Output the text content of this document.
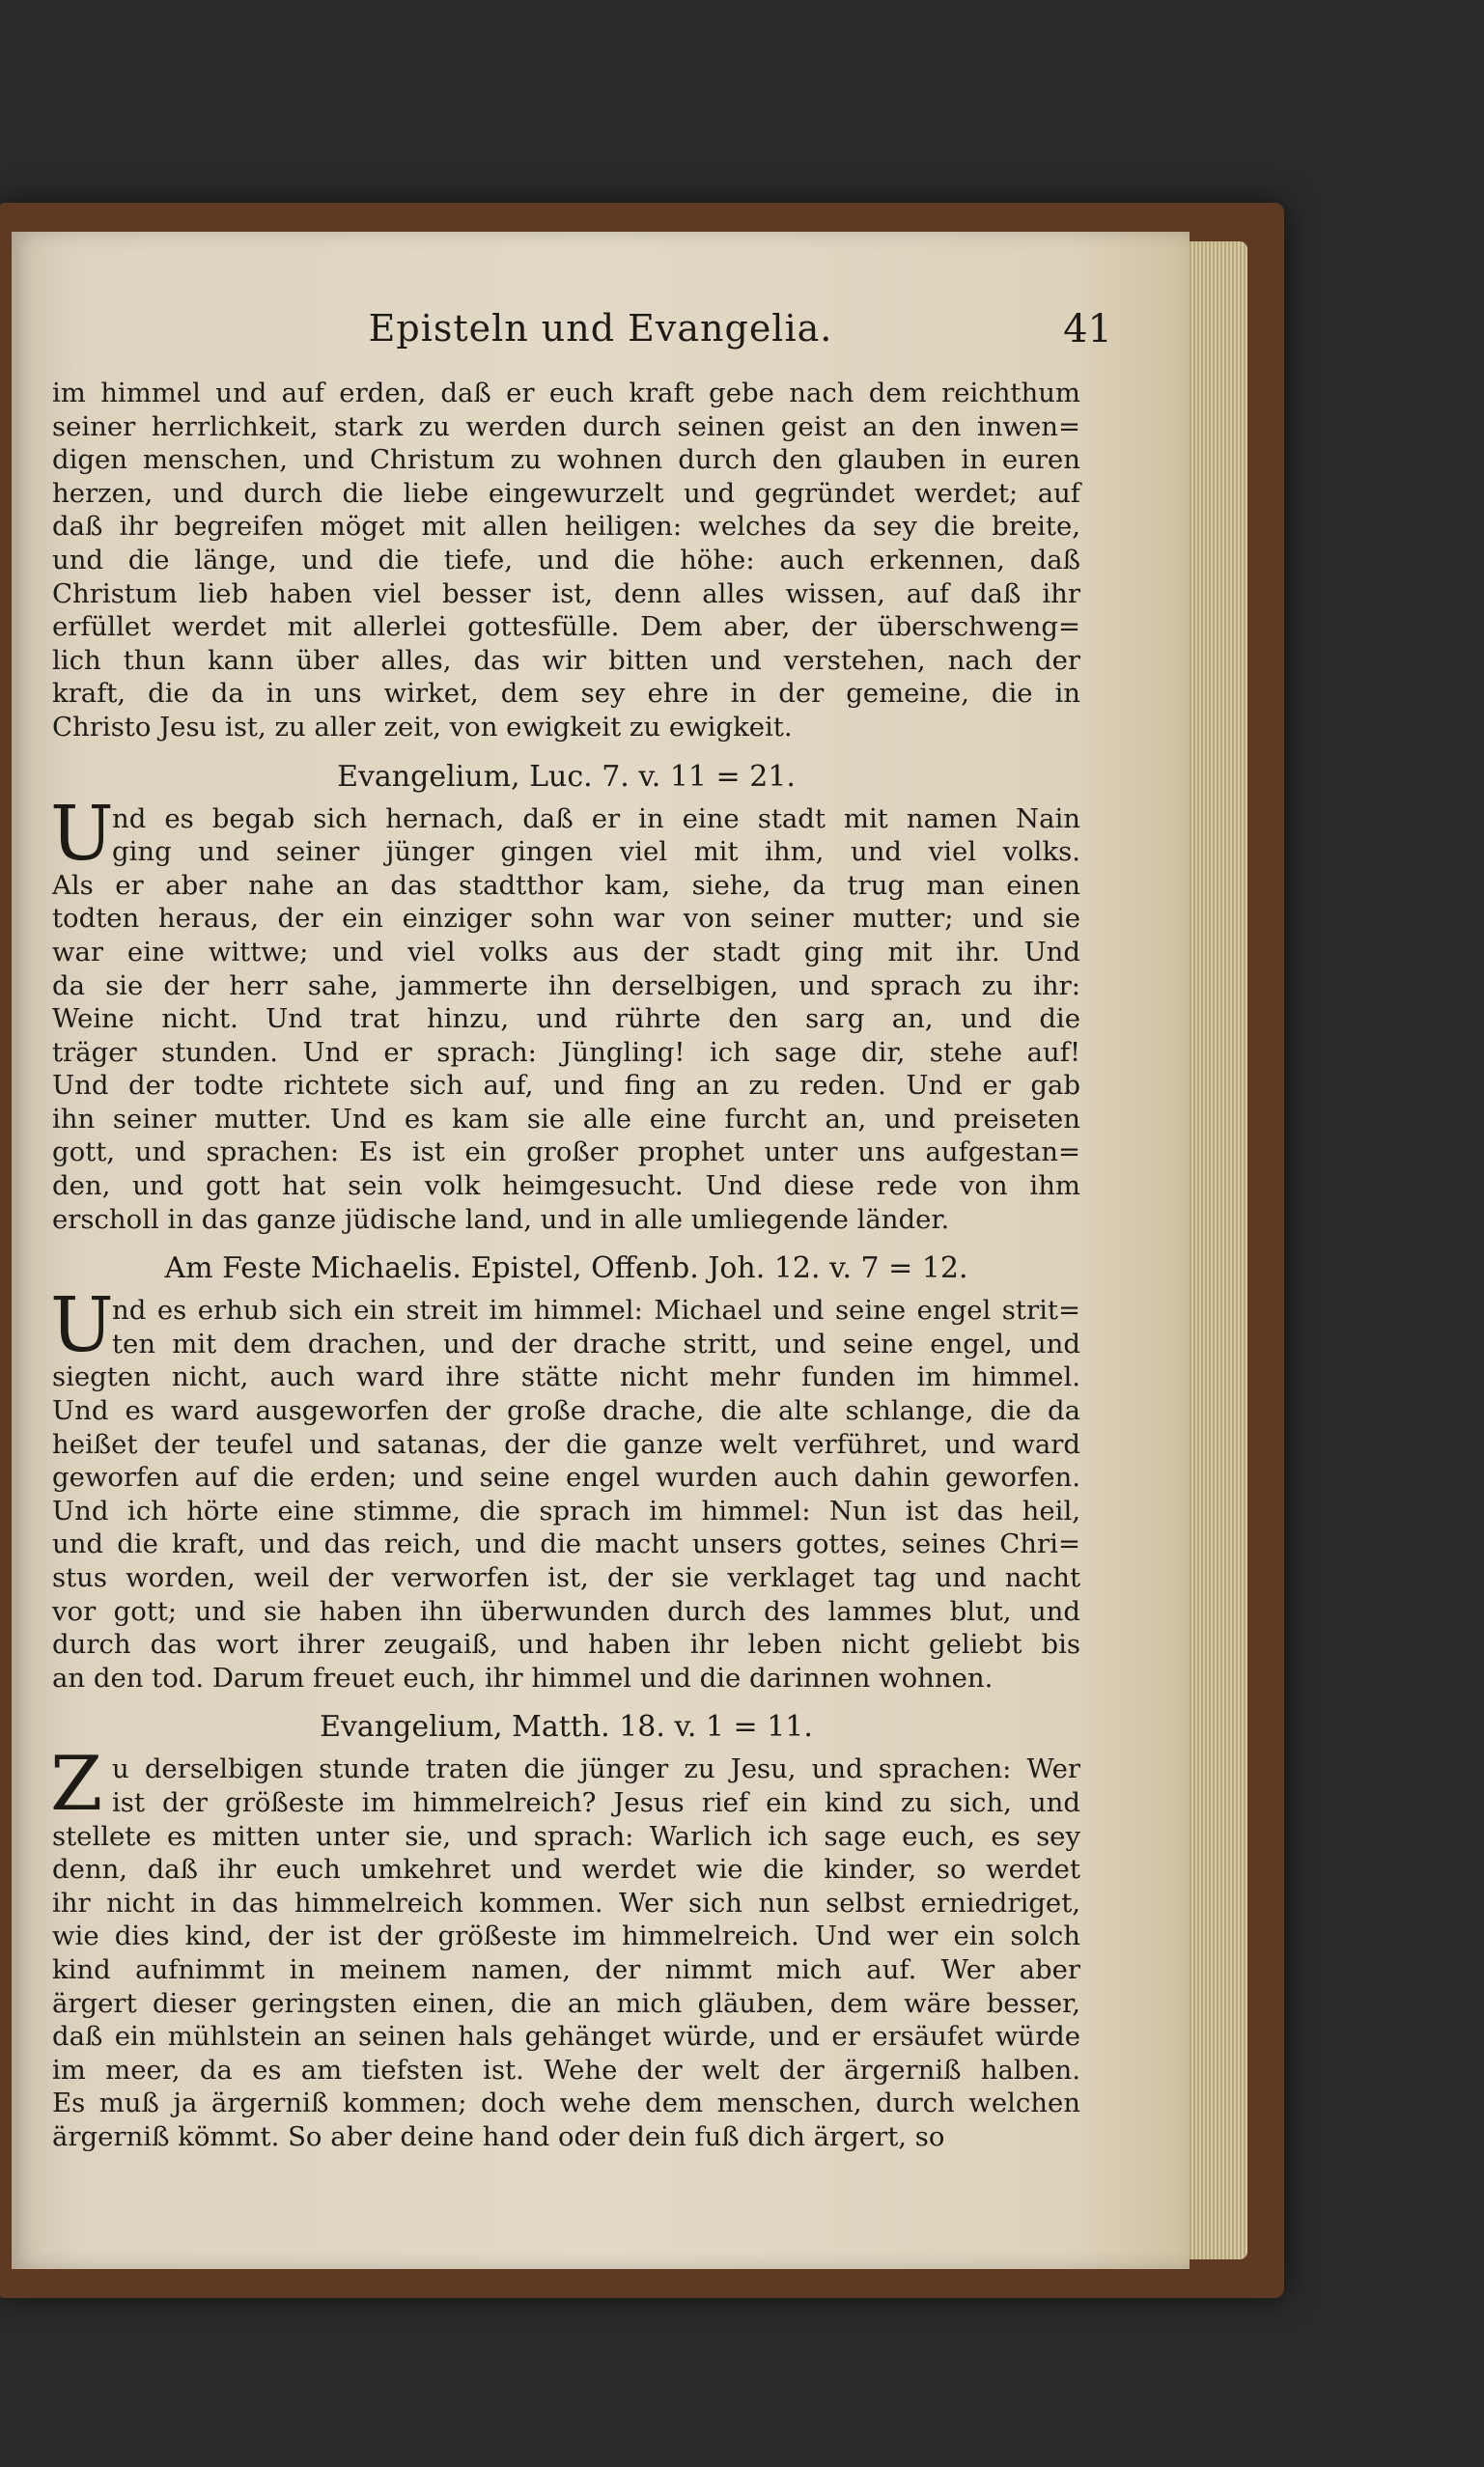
Episteln und Evangelia.	41
im himmel und auf erden, daß er euch kraft gebe nach dem reichthum
seiner herrlichkeit, stark zu werden durch seinen geist an den inwen=
digen menschen, und Christum zu wohnen durch den glauben in euren
herzen, und durch die liebe eingewurzelt und gegründet werdet; auf
daß ihr begreifen möget mit allen heiligen: welches da sey die breite,
und die länge, und die tiefe, und die höhe: auch erkennen, daß
Christum lieb haben viel besser ist, denn alles wissen, auf daß ihr
erfüllet werdet mit allerlei gottesfülle. Dem aber, der überschweng=
lich thun kann über alles, das wir bitten und verstehen, nach der
kraft, die da in uns wirket, dem sey ehre in der gemeine, die in
Christo Jesu ist, zu aller zeit, von ewigkeit zu ewigkeit.
Evangelium, Luc. 7. v. 11 = 21.
U
nd es begab sich hernach, daß er in eine stadt mit namen Nain
ging und seiner jünger gingen viel mit ihm, und viel volks.
Als er aber nahe an das stadtthor kam, siehe, da trug man einen
todten heraus, der ein einziger sohn war von seiner mutter; und sie
war eine wittwe; und viel volks aus der stadt ging mit ihr. Und
da sie der herr sahe, jammerte ihn derselbigen, und sprach zu ihr:
Weine nicht. Und trat hinzu, und rührte den sarg an, und die
träger stunden. Und er sprach: Jüngling! ich sage dir, stehe auf!
Und der todte richtete sich auf, und fing an zu reden. Und er gab
ihn seiner mutter. Und es kam sie alle eine furcht an, und preiseten
gott, und sprachen: Es ist ein großer prophet unter uns aufgestan=
den, und gott hat sein volk heimgesucht. Und diese rede von ihm
erscholl in das ganze jüdische land, und in alle umliegende länder.
Am Feste Michaelis. Epistel, Offenb. Joh. 12. v. 7 = 12.
U
nd es erhub sich ein streit im himmel: Michael und seine engel strit=
ten mit dem drachen, und der drache stritt, und seine engel, und
siegten nicht, auch ward ihre stätte nicht mehr funden im himmel.
Und es ward ausgeworfen der große drache, die alte schlange, die da
heißet der teufel und satanas, der die ganze welt verführet, und ward
geworfen auf die erden; und seine engel wurden auch dahin geworfen.
Und ich hörte eine stimme, die sprach im himmel: Nun ist das heil,
und die kraft, und das reich, und die macht unsers gottes, seines Chri=
stus worden, weil der verworfen ist, der sie verklaget tag und nacht
vor gott; und sie haben ihn überwunden durch des lammes blut, und
durch das wort ihrer zeugaiß, und haben ihr leben nicht geliebt bis
an den tod. Darum freuet euch, ihr himmel und die darinnen wohnen.
Evangelium, Matth. 18. v. 1 = 11.
Z u derselbigen stunde traten die jünger zu Jesu, und sprachen: Wer
ist der größeste im himmelreich? Jesus rief ein kind zu sich, und
stellete es mitten unter sie, und sprach: Warlich ich sage euch, es sey
denn, daß ihr euch umkehret und werdet wie die kinder, so werdet
ihr nicht in das himmelreich kommen. Wer sich nun selbst erniedriget,
wie dies kind, der ist der größeste im himmelreich. Und wer ein solch
kind aufnimmt in meinem namen, der nimmt mich auf. Wer aber
ärgert dieser geringsten einen, die an mich gläuben, dem wäre besser,
daß ein mühlstein an seinen hals gehänget würde, und er ersäufet würde
im meer, da es am tiefsten ist. Wehe der welt der ärgerniß halben.
Es muß ja ärgerniß kommen; doch wehe dem menschen, durch welchen
ärgerniß kömmt. So aber deine hand oder dein fuß dich ärgert, so
